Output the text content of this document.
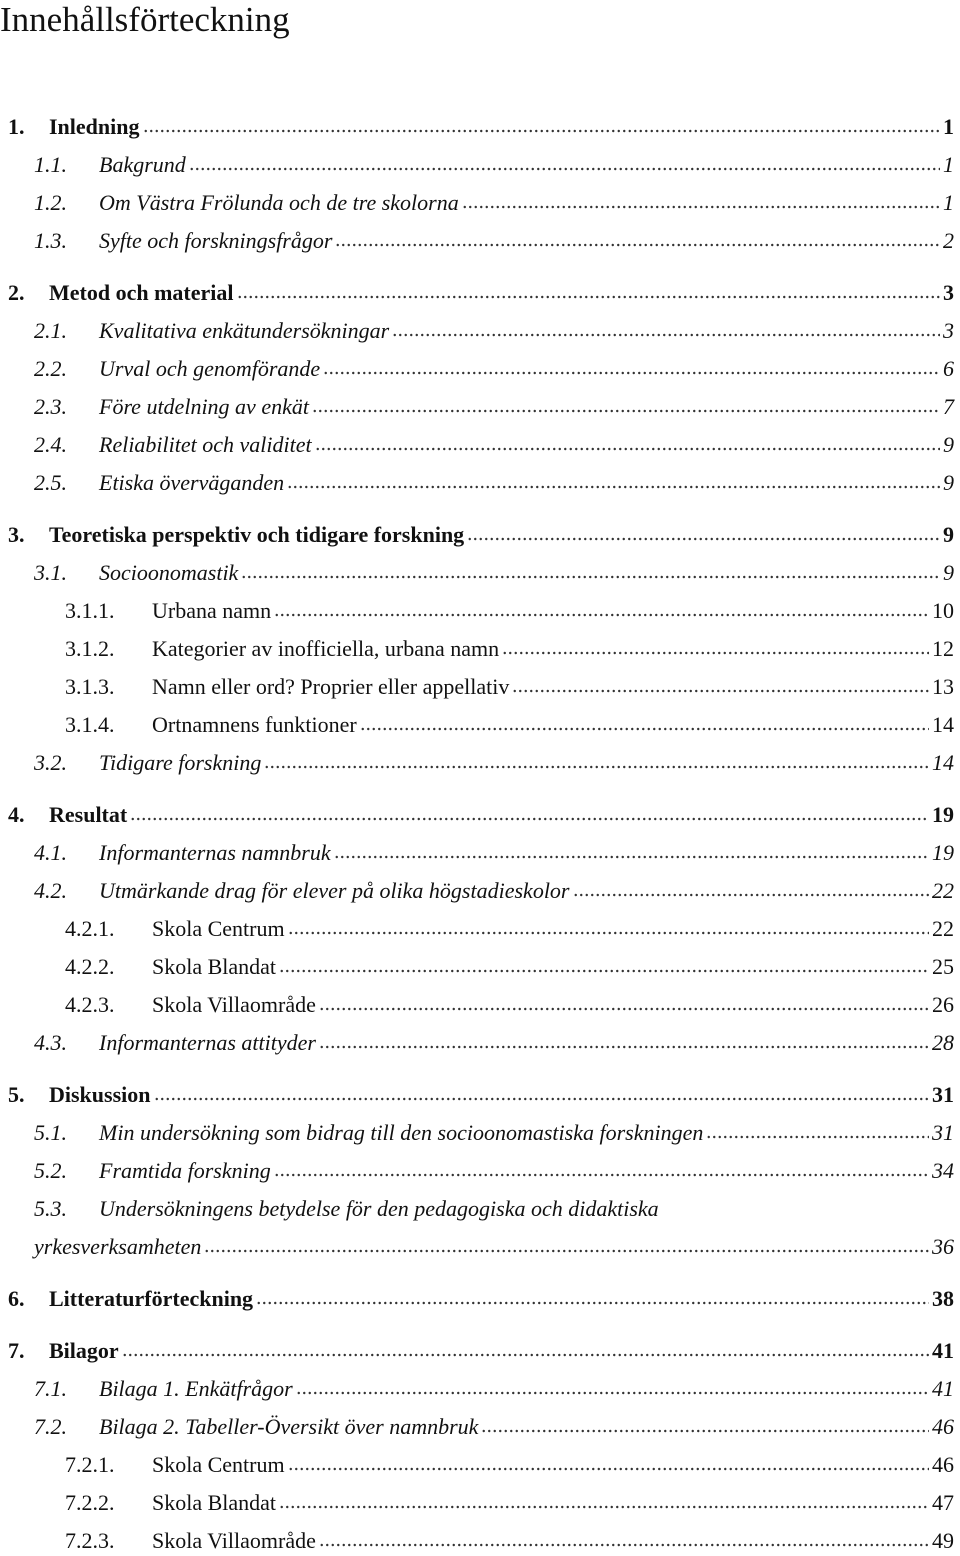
Innehållsförteckning
1. Inledning	1
1.1. Bakgrund	1
1.2. Om Västra Frölunda och de tre skolorna	1
1.3. Syfte och forskningsfrågor	2
2. Metod och material	3
2.1. Kvalitativa enkätundersökningar	3
2.2. Urval och genomförande	6
2.3. Före utdelning av enkät	7
2.4. Reliabilitet och validitet	9
2.5. Etiska överväganden	9
3. Teoretiska perspektiv och tidigare forskning	9
3.1. Socioonomastik	9
3.1.1. Urbana namn	10
3.1.2. Kategorier av inofficiella, urbana namn	12
3.1.3. Namn eller ord? Proprier eller appellativ	13
3.1.4. Ortnamnens funktioner	14
3.2. Tidigare forskning	14
4. Resultat	19
4.1. Informanternas namnbruk	19
4.2. Utmärkande drag för elever på olika högstadieskolor	22
4.2.1. Skola Centrum	22
4.2.2. Skola Blandat	25
4.2.3. Skola Villaområde	26
4.3. Informanternas attityder	28
5. Diskussion	31
5.1. Min undersökning som bidrag till den socioonomastiska forskningen	31
5.2. Framtida forskning	34
5.3. Undersökningens betydelse för den pedagogiska och didaktiska
yrkesverksamheten	36
6. Litteraturförteckning	38
7. Bilagor	41
7.1. Bilaga 1. Enkätfrågor	41
7.2. Bilaga 2. Tabeller-Översikt över namnbruk	46
7.2.1. Skola Centrum	46
7.2.2. Skola Blandat	47
7.2.3. Skola Villaområde	49
